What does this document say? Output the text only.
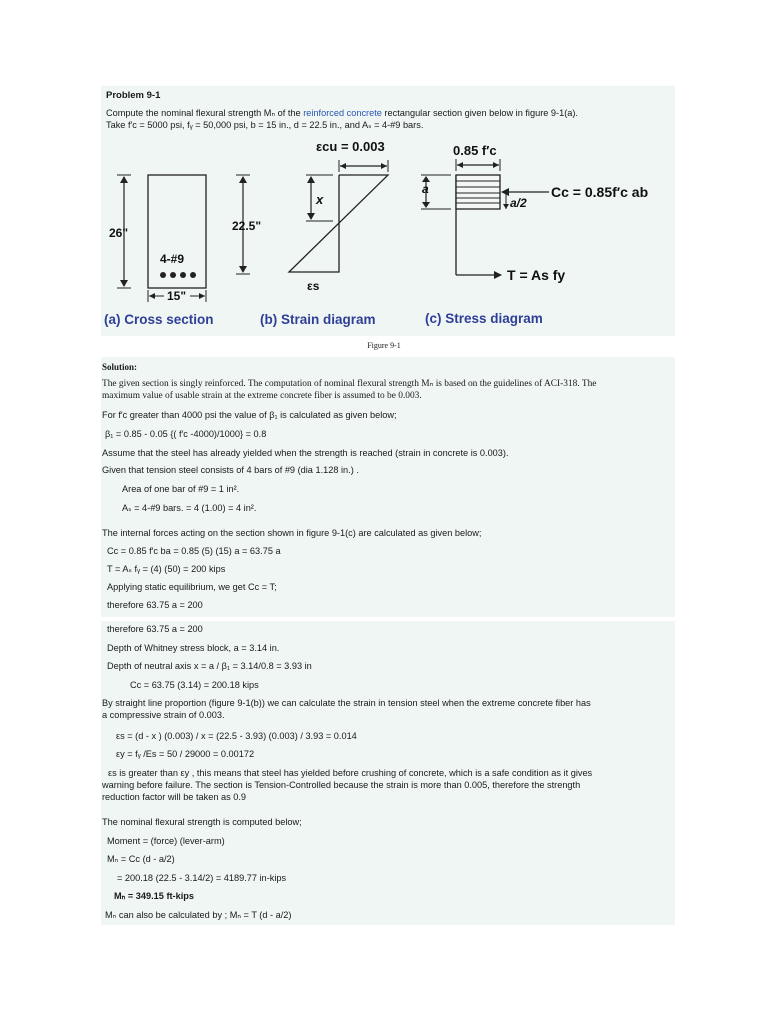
Problem 9-1
Compute the nominal flexural strength Mₙ of the reinforced concrete rectangular section given below in figure 9-1(a).
Take f′c = 5000 psi, fᵧ = 50,000 psi, b = 15 in., d = 22.5 in., and Aₛ = 4-#9 bars.
26"	22.5"
4-#9
15"
εcu = 0.003
x
εs
0.85 f′c
a
a/2
Cc = 0.85f′c ab
T = As fy
(a) Cross section	(b) Strain diagram	(c) Stress diagram
Figure 9-1
Solution:
The given section is singly reinforced. The computation of nominal flexural strength Mₙ is based on the guidelines of ACI-318. The
maximum value of usable strain at the extreme concrete fiber is assumed to be 0.003.
For f′c greater than 4000 psi the value of β₁ is calculated as given below;
β₁ = 0.85 - 0.05 {( f′c -4000)/1000} = 0.8
Assume that the steel has already yielded when the strength is reached (strain in concrete is 0.003).
Given that tension steel consists of 4 bars of #9 (dia 1.128 in.) .
Area of one bar of #9 = 1 in².
Aₛ = 4-#9 bars. = 4 (1.00) = 4 in².
The internal forces acting on the section shown in figure 9-1(c) are calculated as given below;
Cc = 0.85 f′c ba = 0.85 (5) (15) a = 63.75 a
T = Aₛ fᵧ = (4) (50) = 200 kips
Applying static equilibrium, we get Cc = T;
therefore 63.75 a = 200
therefore 63.75 a = 200
Depth of Whitney stress block, a = 3.14 in.
Depth of neutral axis x = a / β₁ = 3.14/0.8 = 3.93 in
Cc = 63.75 (3.14) = 200.18 kips
By straight line proportion (figure 9-1(b)) we can calculate the strain in tension steel when the extreme concrete fiber has
a compressive strain of 0.003.
εs = (d - x ) (0.003) / x = (22.5 - 3.93) (0.003) / 3.93 = 0.014
εy = fᵧ /Es = 50 / 29000 = 0.00172
εs is greater than εy , this means that steel has yielded before crushing of concrete, which is a safe condition as it gives
warning before failure. The section is Tension-Controlled because the strain is more than 0.005, therefore the strength
reduction factor will be taken as 0.9
The nominal flexural strength is computed below;
Moment = (force) (lever-arm)
Mₙ = Cc (d - a/2)
= 200.18 (22.5 - 3.14/2) = 4189.77 in-kips
Mₙ = 349.15 ft-kips
Mₙ can also be calculated by ; Mₙ = T (d - a/2)
